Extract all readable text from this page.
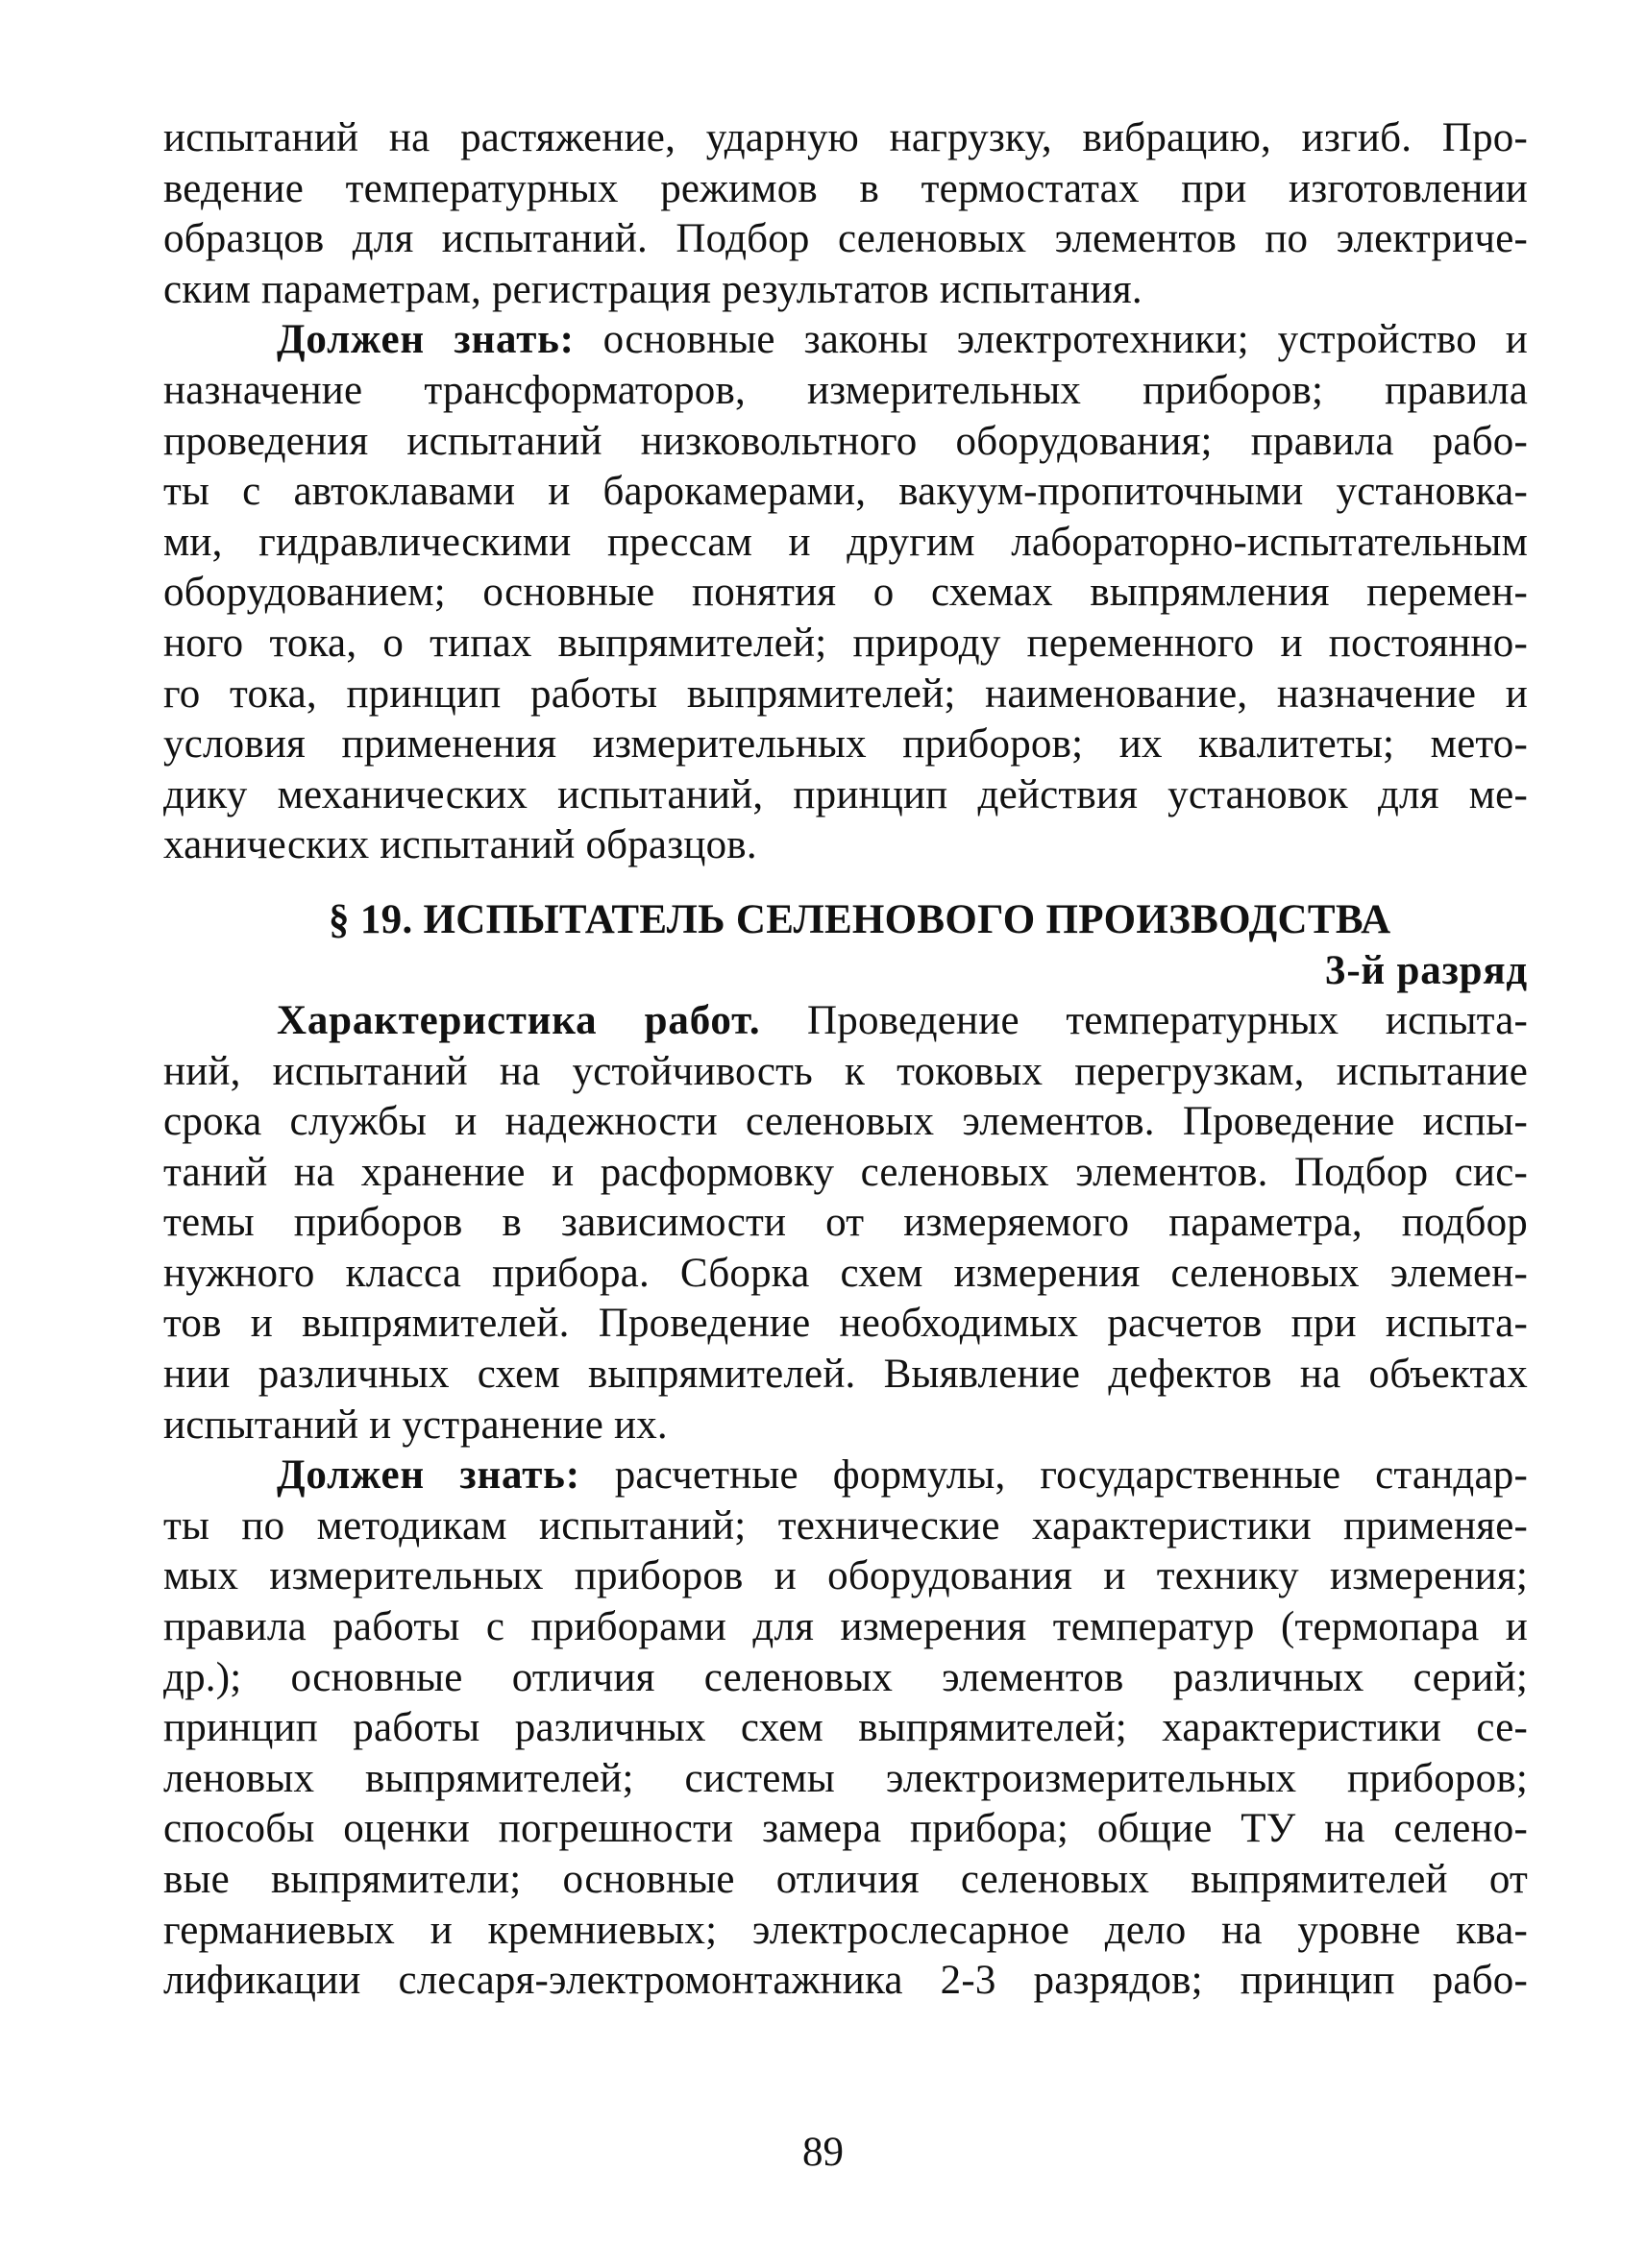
испытаний на растяжение, ударную нагрузку, вибрацию, изгиб. Про-
ведение температурных режимов в термостатах при изготовлении
образцов для испытаний. Подбор селеновых элементов по электриче-
ским параметрам, регистрация результатов испытания.
Должен знать: основные законы электротехники; устройство и
назначение трансформаторов, измерительных приборов; правила
проведения испытаний низковольтного оборудования; правила рабо-
ты с автоклавами и барокамерами, вакуум-пропиточными установка-
ми, гидравлическими прессам и другим лабораторно-испытательным
оборудованием; основные понятия о схемах выпрямления перемен-
ного тока, о типах выпрямителей; природу переменного и постоянно-
го тока, принцип работы выпрямителей; наименование, назначение и
условия применения измерительных приборов; их квалитеты; мето-
дику механических испытаний, принцип действия установок для ме-
ханических испытаний образцов.
§ 19. ИСПЫТАТЕЛЬ СЕЛЕНОВОГО ПРОИЗВОДСТВА
3-й разряд
Характеристика работ. Проведение температурных испыта-
ний, испытаний на устойчивость к токовых перегрузкам, испытание
срока службы и надежности селеновых элементов. Проведение испы-
таний на хранение и расформовку селеновых элементов. Подбор сис-
темы приборов в зависимости от измеряемого параметра, подбор
нужного класса прибора. Сборка схем измерения селеновых элемен-
тов и выпрямителей. Проведение необходимых расчетов при испыта-
нии различных схем выпрямителей. Выявление дефектов на объектах
испытаний и устранение их.
Должен знать: расчетные формулы, государственные стандар-
ты по методикам испытаний; технические характеристики применяе-
мых измерительных приборов и оборудования и технику измерения;
правила работы с приборами для измерения температур (термопара и
др.); основные отличия селеновых элементов различных серий;
принцип работы различных схем выпрямителей; характеристики се-
леновых выпрямителей; системы электроизмерительных приборов;
способы оценки погрешности замера прибора; общие ТУ на селено-
вые выпрямители; основные отличия селеновых выпрямителей от
германиевых и кремниевых; электрослесарное дело на уровне ква-
лификации слесаря-электромонтажника 2-3 разрядов; принцип рабо-
89
